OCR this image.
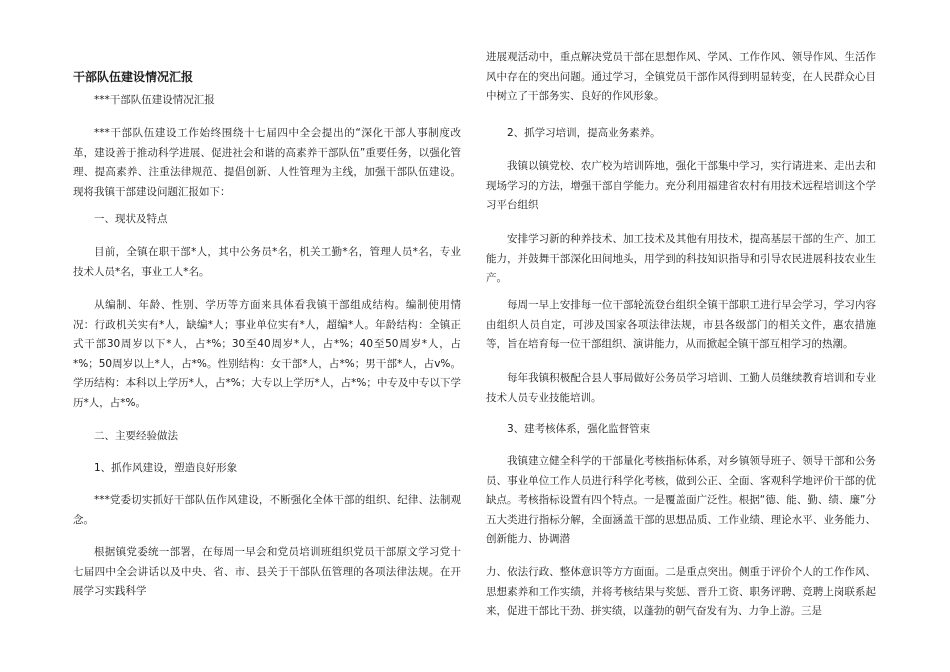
干部队伍建设情况汇报

***干部队伍建设情况汇报

***干部队伍建设工作始终围绕十七届四中全会提出的“深化干部人事制度改革，建设善于推动科学进展、促进社会和谐的高素养干部队伍”重要任务，以强化管理、提高素养、注重法律规范、提倡创新、人性管理为主线，加强干部队伍建设。现将我镇干部建设问题汇报如下：

一、现状及特点

目前，全镇在职干部*人，其中公务员*名，机关工勤*名，管理人员*名，专业技术人员*名，事业工人*名。

从编制、年龄、性别、学历等方面来具体看我镇干部组成结构。编制使用情况：行政机关实有*人，缺编*人；事业单位实有*人，超编*人。年龄结构：全镇正式干部30周岁以下*人，占*%；30至40周岁*人，占*%；40至50周岁*人，占*%；50周岁以上*人，占*%。性别结构：女干部*人，占*%；男干部*人，占v%。学历结构：本科以上学历*人，占*%；大专以上学历*人，占*%；中专及中专以下学历*人，占*%。

二、主要经验做法

1、抓作风建设，塑造良好形象

***党委切实抓好干部队伍作风建设，不断强化全体干部的组织、纪律、法制观念。

根据镇党委统一部署，在每周一早会和党员培训班组织党员干部原文学习党十七届四中全会讲话以及中央、省、市、县关于干部队伍管理的各项法律法规。在开展学习实践科学

进展观活动中，重点解决党员干部在思想作风、学风、工作作风、领导作风、生活作风中存在的突出问题。通过学习，全镇党员干部作风得到明显转变，在人民群众心目中树立了干部务实、良好的作风形象。

2、抓学习培训，提高业务素养。

我镇以镇党校、农广校为培训阵地，强化干部集中学习，实行请进来、走出去和现场学习的方法，增强干部自学能力。充分利用福建省农村有用技术远程培训这个学习平台组织

安排学习新的种养技术、加工技术及其他有用技术，提高基层干部的生产、加工能力，并鼓舞干部深化田间地头，用学到的科技知识指导和引导农民进展科技农业生产。

每周一早上安排每一位干部轮流登台组织全镇干部职工进行早会学习，学习内容由组织人员自定，可涉及国家各项法律法规，市县各级部门的相关文件，惠农措施等，旨在培育每一位干部组织、演讲能力，从而掀起全镇干部互相学习的热潮。

每年我镇积极配合县人事局做好公务员学习培训、工勤人员继续教育培训和专业技术人员专业技能培训。

3、建考核体系，强化监督管束

我镇建立健全科学的干部量化考核指标体系，对乡镇领导班子、领导干部和公务员、事业单位工作人员进行科学化考核，做到公正、全面、客观科学地评价干部的优缺点。考核指标设置有四个特点。一是覆盖面广泛性。根据“德、能、勤、绩、廉”分五大类进行指标分解，全面涵盖干部的思想品质、工作业绩、理论水平、业务能力、创新能力、协调潜

力、依法行政、整体意识等方方面面。二是重点突出。侧重于评价个人的工作作风、思想素养和工作实绩，并将考核结果与奖惩、晋升工资、职务评聘、竞聘上岗联系起来，促进干部比干劲、拼实绩，以蓬勃的朝气奋发有为、力争上游。三是
